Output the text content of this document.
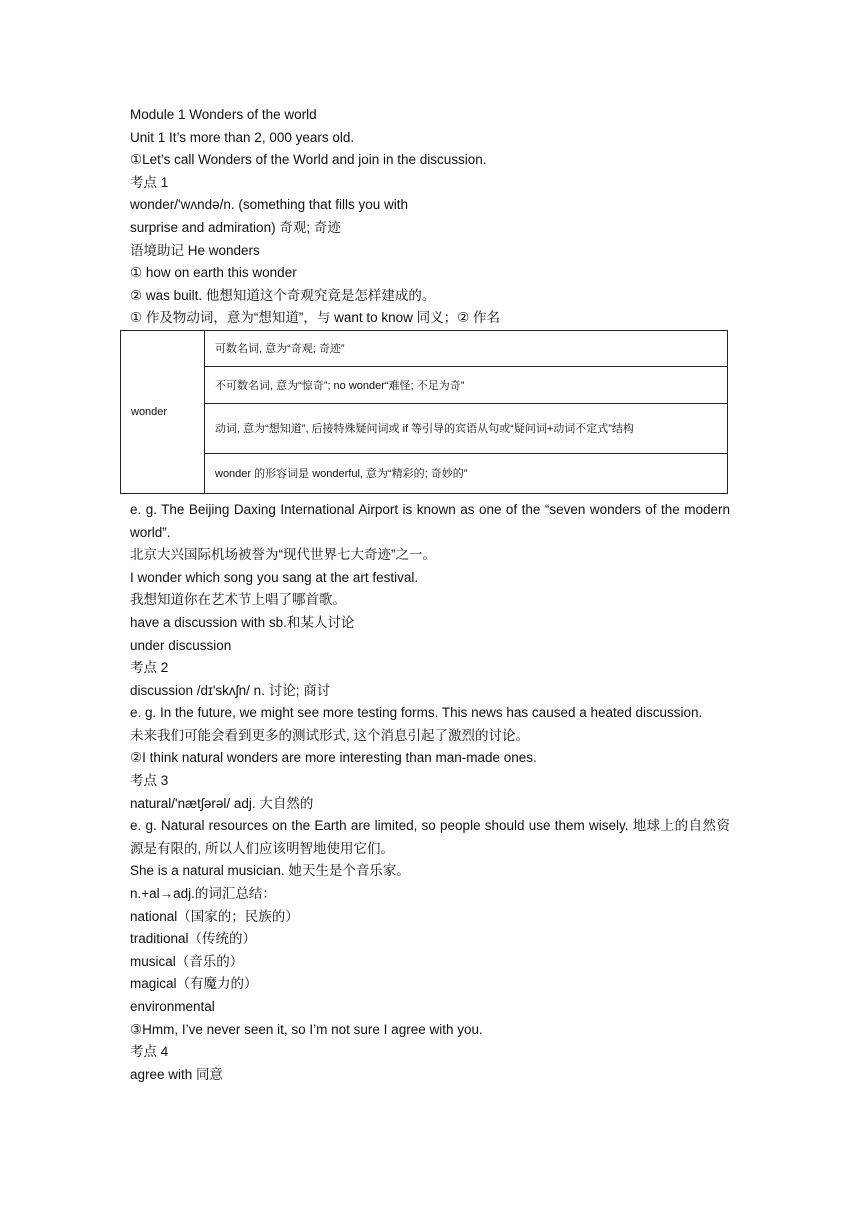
Module 1 Wonders of the world
Unit 1 It’s more than 2, 000 years old.
①Let’s call Wonders of the World and join in the discussion.
考点 1
wonder/'wʌndə/n. (something that fills you with
surprise and admiration) 奇观; 奇迹
语境助记 He wonders
① how on earth this wonder
② was built. 他想知道这个奇观究竟是怎样建成的。
① 作及物动词，意为“想知道”，与 want to know 同义；② 作名
wonder	可数名词, 意为“奇观; 奇迹”
不可数名词, 意为“惊奇”; no wonder“难怪; 不足为奇”
动词, 意为“想知道”, 后接特殊疑问词或 if 等引导的宾语从句或“疑问词+动词不定式”结构
wonder 的形容词是 wonderful, 意为“精彩的; 奇妙的”
e. g. The Beijing Daxing International Airport is known as one of the “seven wonders of the modern world”.
北京大兴国际机场被誉为“现代世界七大奇迹”之一。
I wonder which song you sang at the art festival.
我想知道你在艺术节上唱了哪首歌。
have a discussion with sb.和某人讨论
under discussion
考点 2
discussion /dɪ'skʌʃn/ n. 讨论; 商讨
e. g. In the future, we might see more testing forms. This news has caused a heated discussion.
未来我们可能会看到更多的测试形式, 这个消息引起了激烈的讨论。
②I think natural wonders are more interesting than man-made ones.
考点 3
natural/'nætʃərəl/ adj. 大自然的
e. g. Natural resources on the Earth are limited, so people should use them wisely. 地球上的自然资源是有限的, 所以人们应该明智地使用它们。
She is a natural musician. 她天生是个音乐家。
n.+al→adj.的词汇总结：
national（国家的；民族的）
traditional（传统的）
musical（音乐的）
magical（有魔力的）
environmental
③Hmm, I’ve never seen it, so I’m not sure I agree with you.
考点 4
agree with 同意
